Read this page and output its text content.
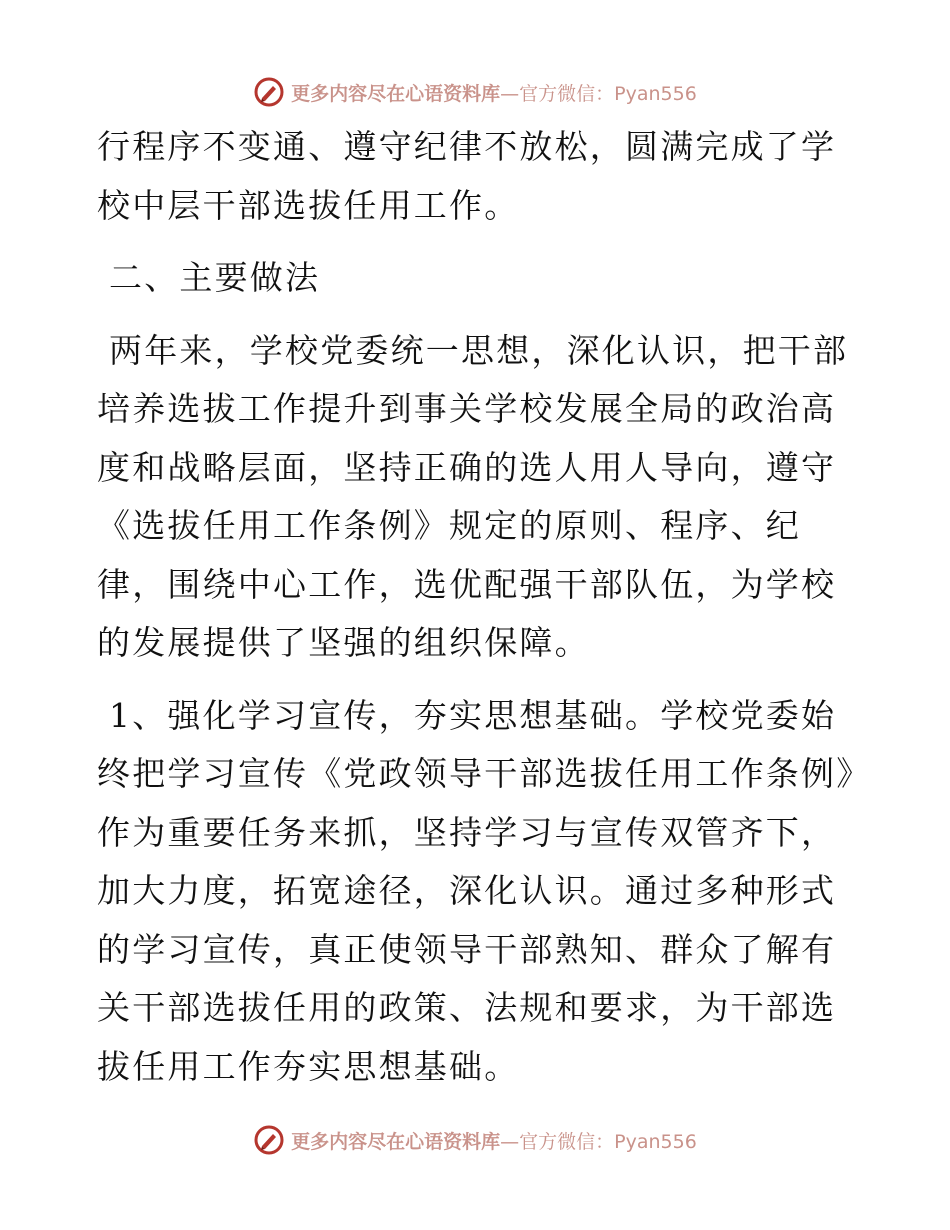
更多内容尽在心语资料库—官方微信：Pyan556

行程序不变通、遵守纪律不放松，圆满完成了学校中层干部选拔任用工作。

二、主要做法

两年来，学校党委统一思想，深化认识，把干部培养选拔工作提升到事关学校发展全局的政治高度和战略层面，坚持正确的选人用人导向，遵守《选拔任用工作条例》规定的原则、程序、纪律，围绕中心工作，选优配强干部队伍，为学校的发展提供了坚强的组织保障。

1、强化学习宣传，夯实思想基础。学校党委始终把学习宣传《党政领导干部选拔任用工作条例》作为重要任务来抓，坚持学习与宣传双管齐下，加大力度，拓宽途径，深化认识。通过多种形式的学习宣传，真正使领导干部熟知、群众了解有关干部选拔任用的政策、法规和要求，为干部选拔任用工作夯实思想基础。

更多内容尽在心语资料库—官方微信：Pyan556
